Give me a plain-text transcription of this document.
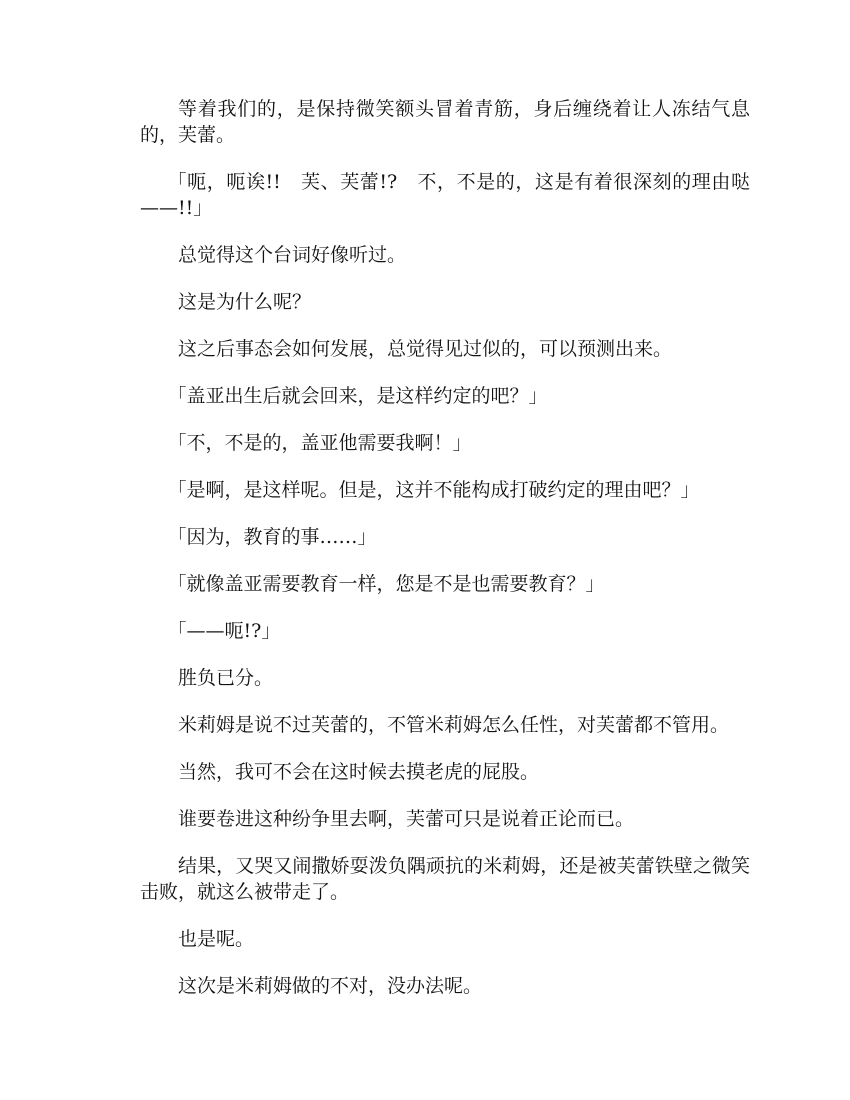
等着我们的，是保持微笑额头冒着青筋，身后缠绕着让人冻结气息的，芙蕾。

「呃，呃诶!!　芙、芙蕾!?　不，不是的，这是有着很深刻的理由哒——!!」

总觉得这个台词好像听过。

这是为什么呢？

这之后事态会如何发展，总觉得见过似的，可以预测出来。

「盖亚出生后就会回来，是这样约定的吧？」

「不，不是的，盖亚他需要我啊！」

「是啊，是这样呢。但是，这并不能构成打破约定的理由吧？」

「因为，教育的事……」

「就像盖亚需要教育一样，您是不是也需要教育？」

「——呃!?」

胜负已分。

米莉姆是说不过芙蕾的，不管米莉姆怎么任性，对芙蕾都不管用。

当然，我可不会在这时候去摸老虎的屁股。

谁要卷进这种纷争里去啊，芙蕾可只是说着正论而已。

结果，又哭又闹撒娇耍泼负隅顽抗的米莉姆，还是被芙蕾铁壁之微笑击败，就这么被带走了。

也是呢。

这次是米莉姆做的不对，没办法呢。
